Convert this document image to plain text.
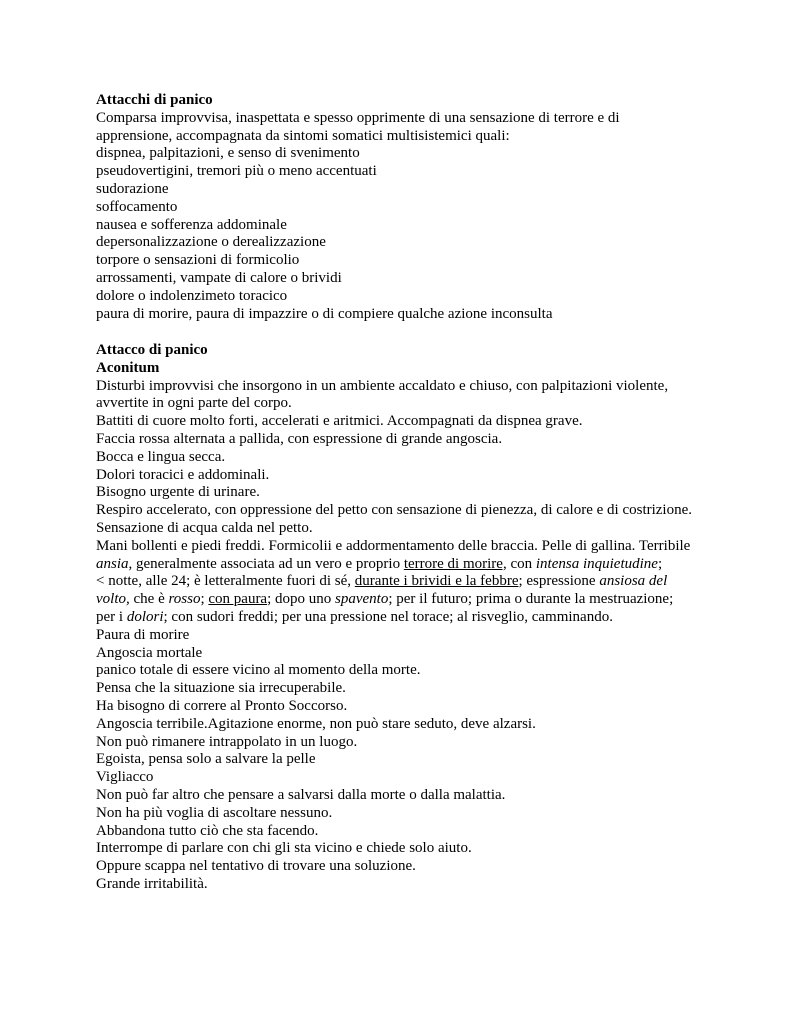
Attacchi di panico
Comparsa improvvisa, inaspettata e spesso opprimente di una sensazione di terrore e di
apprensione, accompagnata da sintomi somatici multisistemici quali:
dispnea, palpitazioni, e senso di svenimento
pseudovertigini, tremori più o meno accentuati
sudorazione
soffocamento
nausea e sofferenza addominale
depersonalizzazione o derealizzazione
torpore o sensazioni di formicolio
arrossamenti, vampate di calore o brividi
dolore o indolenzimeto toracico
paura di morire, paura di impazzire o di compiere qualche azione inconsulta
Attacco di panico
Aconitum
Disturbi improvvisi che insorgono in un ambiente accaldato e chiuso, con palpitazioni violente,
avvertite in ogni parte del corpo.
Battiti di cuore molto forti, accelerati e aritmici. Accompagnati da dispnea grave.
Faccia rossa alternata a pallida, con espressione di grande angoscia.
Bocca e lingua secca.
Dolori toracici e addominali.
Bisogno urgente di urinare.
Respiro accelerato, con oppressione del petto con sensazione di pienezza, di calore e di costrizione.
Sensazione di acqua calda nel petto.
Mani bollenti e piedi freddi. Formicolii e addormentamento delle braccia. Pelle di gallina. Terribile
ansia, generalmente associata ad un vero e proprio terrore di morire, con intensa inquietudine;
< notte, alle 24; è letteralmente fuori di sé, durante i brividi e la febbre; espressione ansiosa del
volto, che è rosso; con paura; dopo uno spavento; per il futuro; prima o durante la mestruazione;
per i dolori; con sudori freddi; per una pressione nel torace; al risveglio, camminando.
Paura di morire
Angoscia mortale
panico totale di essere vicino al momento della morte.
Pensa che la situazione sia irrecuperabile.
Ha bisogno di correre al Pronto Soccorso.
Angoscia terribile.Agitazione enorme, non può stare seduto, deve alzarsi.
Non può rimanere intrappolato in un luogo.
Egoista, pensa solo a salvare la pelle
Vigliacco
Non può far altro che pensare a salvarsi dalla morte o dalla malattia.
Non ha più voglia di ascoltare nessuno.
Abbandona tutto ciò che sta facendo.
Interrompe di parlare con chi gli sta vicino e chiede solo aiuto.
Oppure scappa nel tentativo di trovare una soluzione.
Grande irritabilità.
